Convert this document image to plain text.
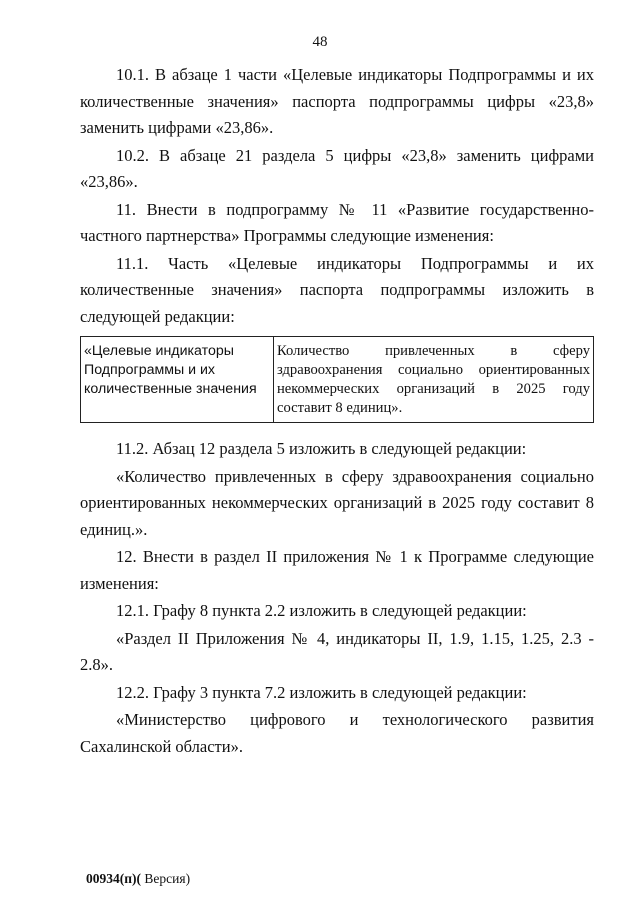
48

10.1. В абзаце 1 части «Целевые индикаторы Подпрограммы и их количественные значения» паспорта подпрограммы цифры «23,8» заменить цифрами «23,86».

10.2. В абзаце 21 раздела 5 цифры «23,8» заменить цифрами «23,86».

11. Внести в подпрограмму № 11 «Развитие государственно-частного партнерства» Программы следующие изменения:

11.1. Часть «Целевые индикаторы Подпрограммы и их количественные значения» паспорта подпрограммы изложить в следующей редакции:

«Целевые индикаторы Подпрограммы и их количественные значения	Количество привлеченных в сферу здравоохранения социально ориентированных некоммерческих организаций в 2025 году составит 8 единиц».

11.2. Абзац 12 раздела 5 изложить в следующей редакции:

«Количество привлеченных в сферу здравоохранения социально ориентированных некоммерческих организаций в 2025 году составит 8 единиц.».

12. Внести в раздел II приложения № 1 к Программе следующие изменения:

12.1. Графу 8 пункта 2.2 изложить в следующей редакции:

«Раздел II Приложения № 4, индикаторы II, 1.9, 1.15, 1.25, 2.3 - 2.8».

12.2. Графу 3 пункта 7.2 изложить в следующей редакции:

«Министерство цифрового и технологического развития Сахалинской области».

00934(п)( Версия)
